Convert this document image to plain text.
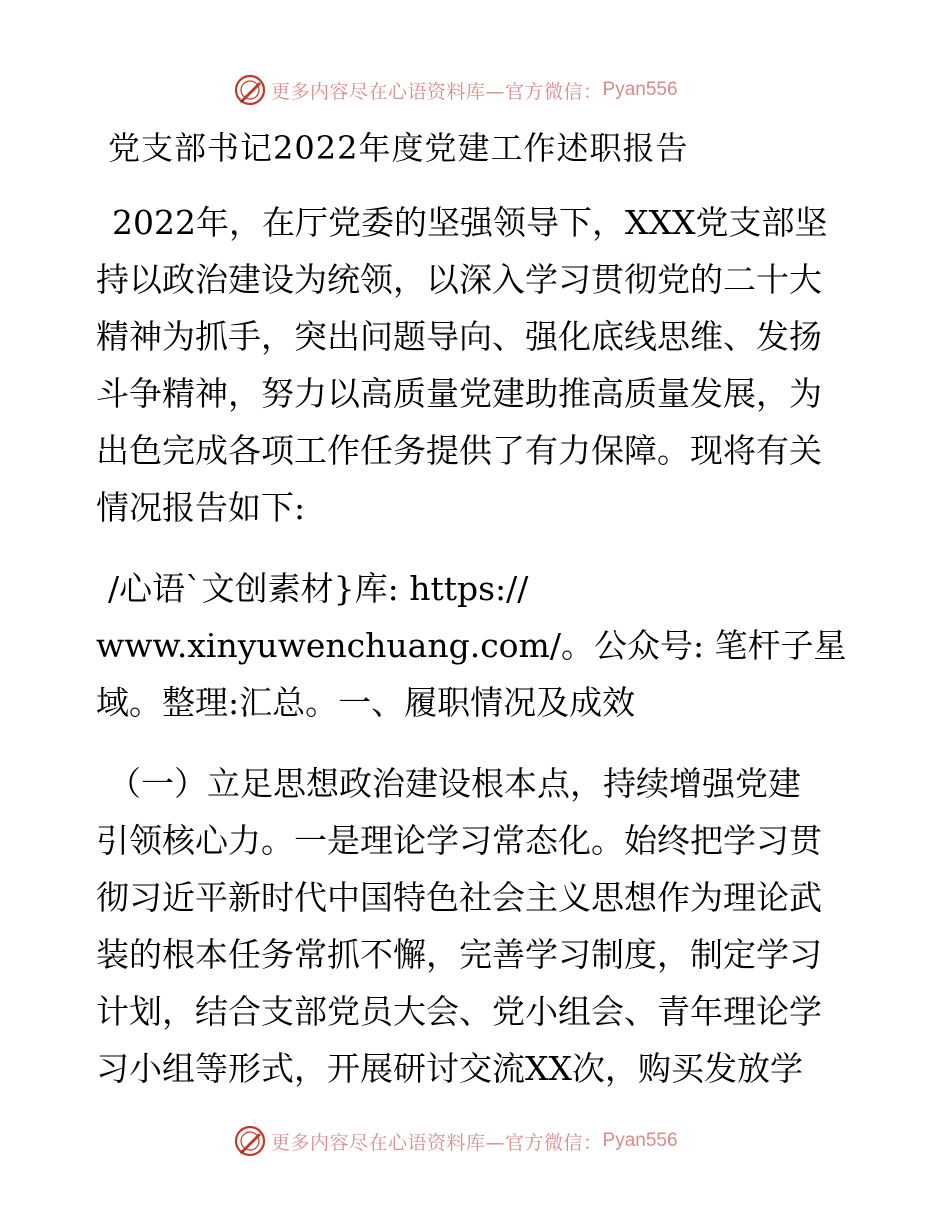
更多内容尽在心语资料库—官方微信： Pyan556
党支部书记2022年度党建工作述职报告
2022年，在厅党委的坚强领导下，XXX党支部坚
持以政治建设为统领，以深入学习贯彻党的二十大
精神为抓手，突出问题导向、强化底线思维、发扬
斗争精神，努力以高质量党建助推高质量发展，为
出色完成各项工作任务提供了有力保障。现将有关
情况报告如下:
/心语`文创素材}库: https://
www.xinyuwenchuang.com/。公众号: 笔杆子星
域。整理:汇总。一、履职情况及成效
（一）立足思想政治建设根本点，持续增强党建
引领核心力。一是理论学习常态化。始终把学习贯
彻习近平新时代中国特色社会主义思想作为理论武
装的根本任务常抓不懈，完善学习制度，制定学习
计划，结合支部党员大会、党小组会、青年理论学
习小组等形式，开展研讨交流XX次，购买发放学
更多内容尽在心语资料库—官方微信： Pyan556
